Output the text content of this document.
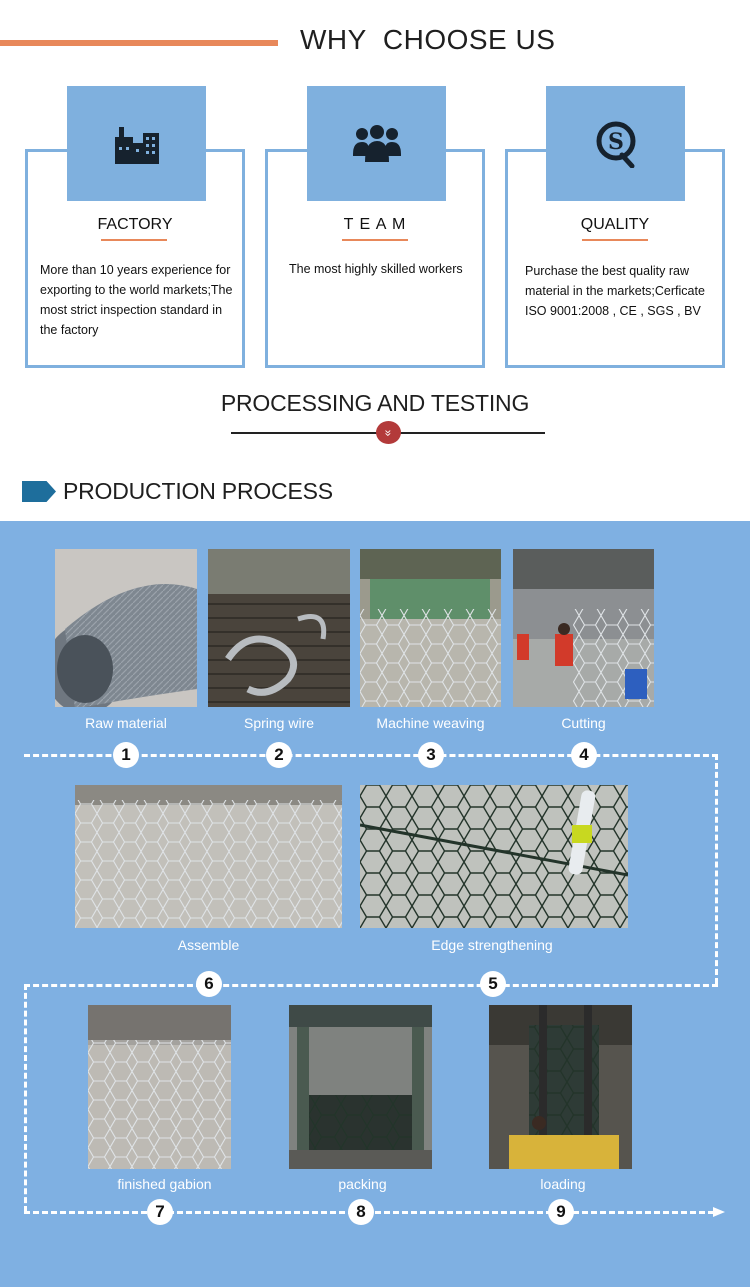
WHY  CHOOSE US
FACTORY
More than 10 years experience for exporting to the world markets;The most strict inspection standard in the factory
T E A M
The most highly skilled workers
S
QUALITY
Purchase the best quality raw material in the markets;Cerficate ISO 9001:2008 , CE , SGS , BV
PROCESSING AND TESTING
»
PRODUCTION PROCESS
Raw material	Spring wire	Machine weaving	Cutting
1	2	3	4
Assemble	Edge strengthening
6	5
finished gabion	packing	loading
7	8	9
